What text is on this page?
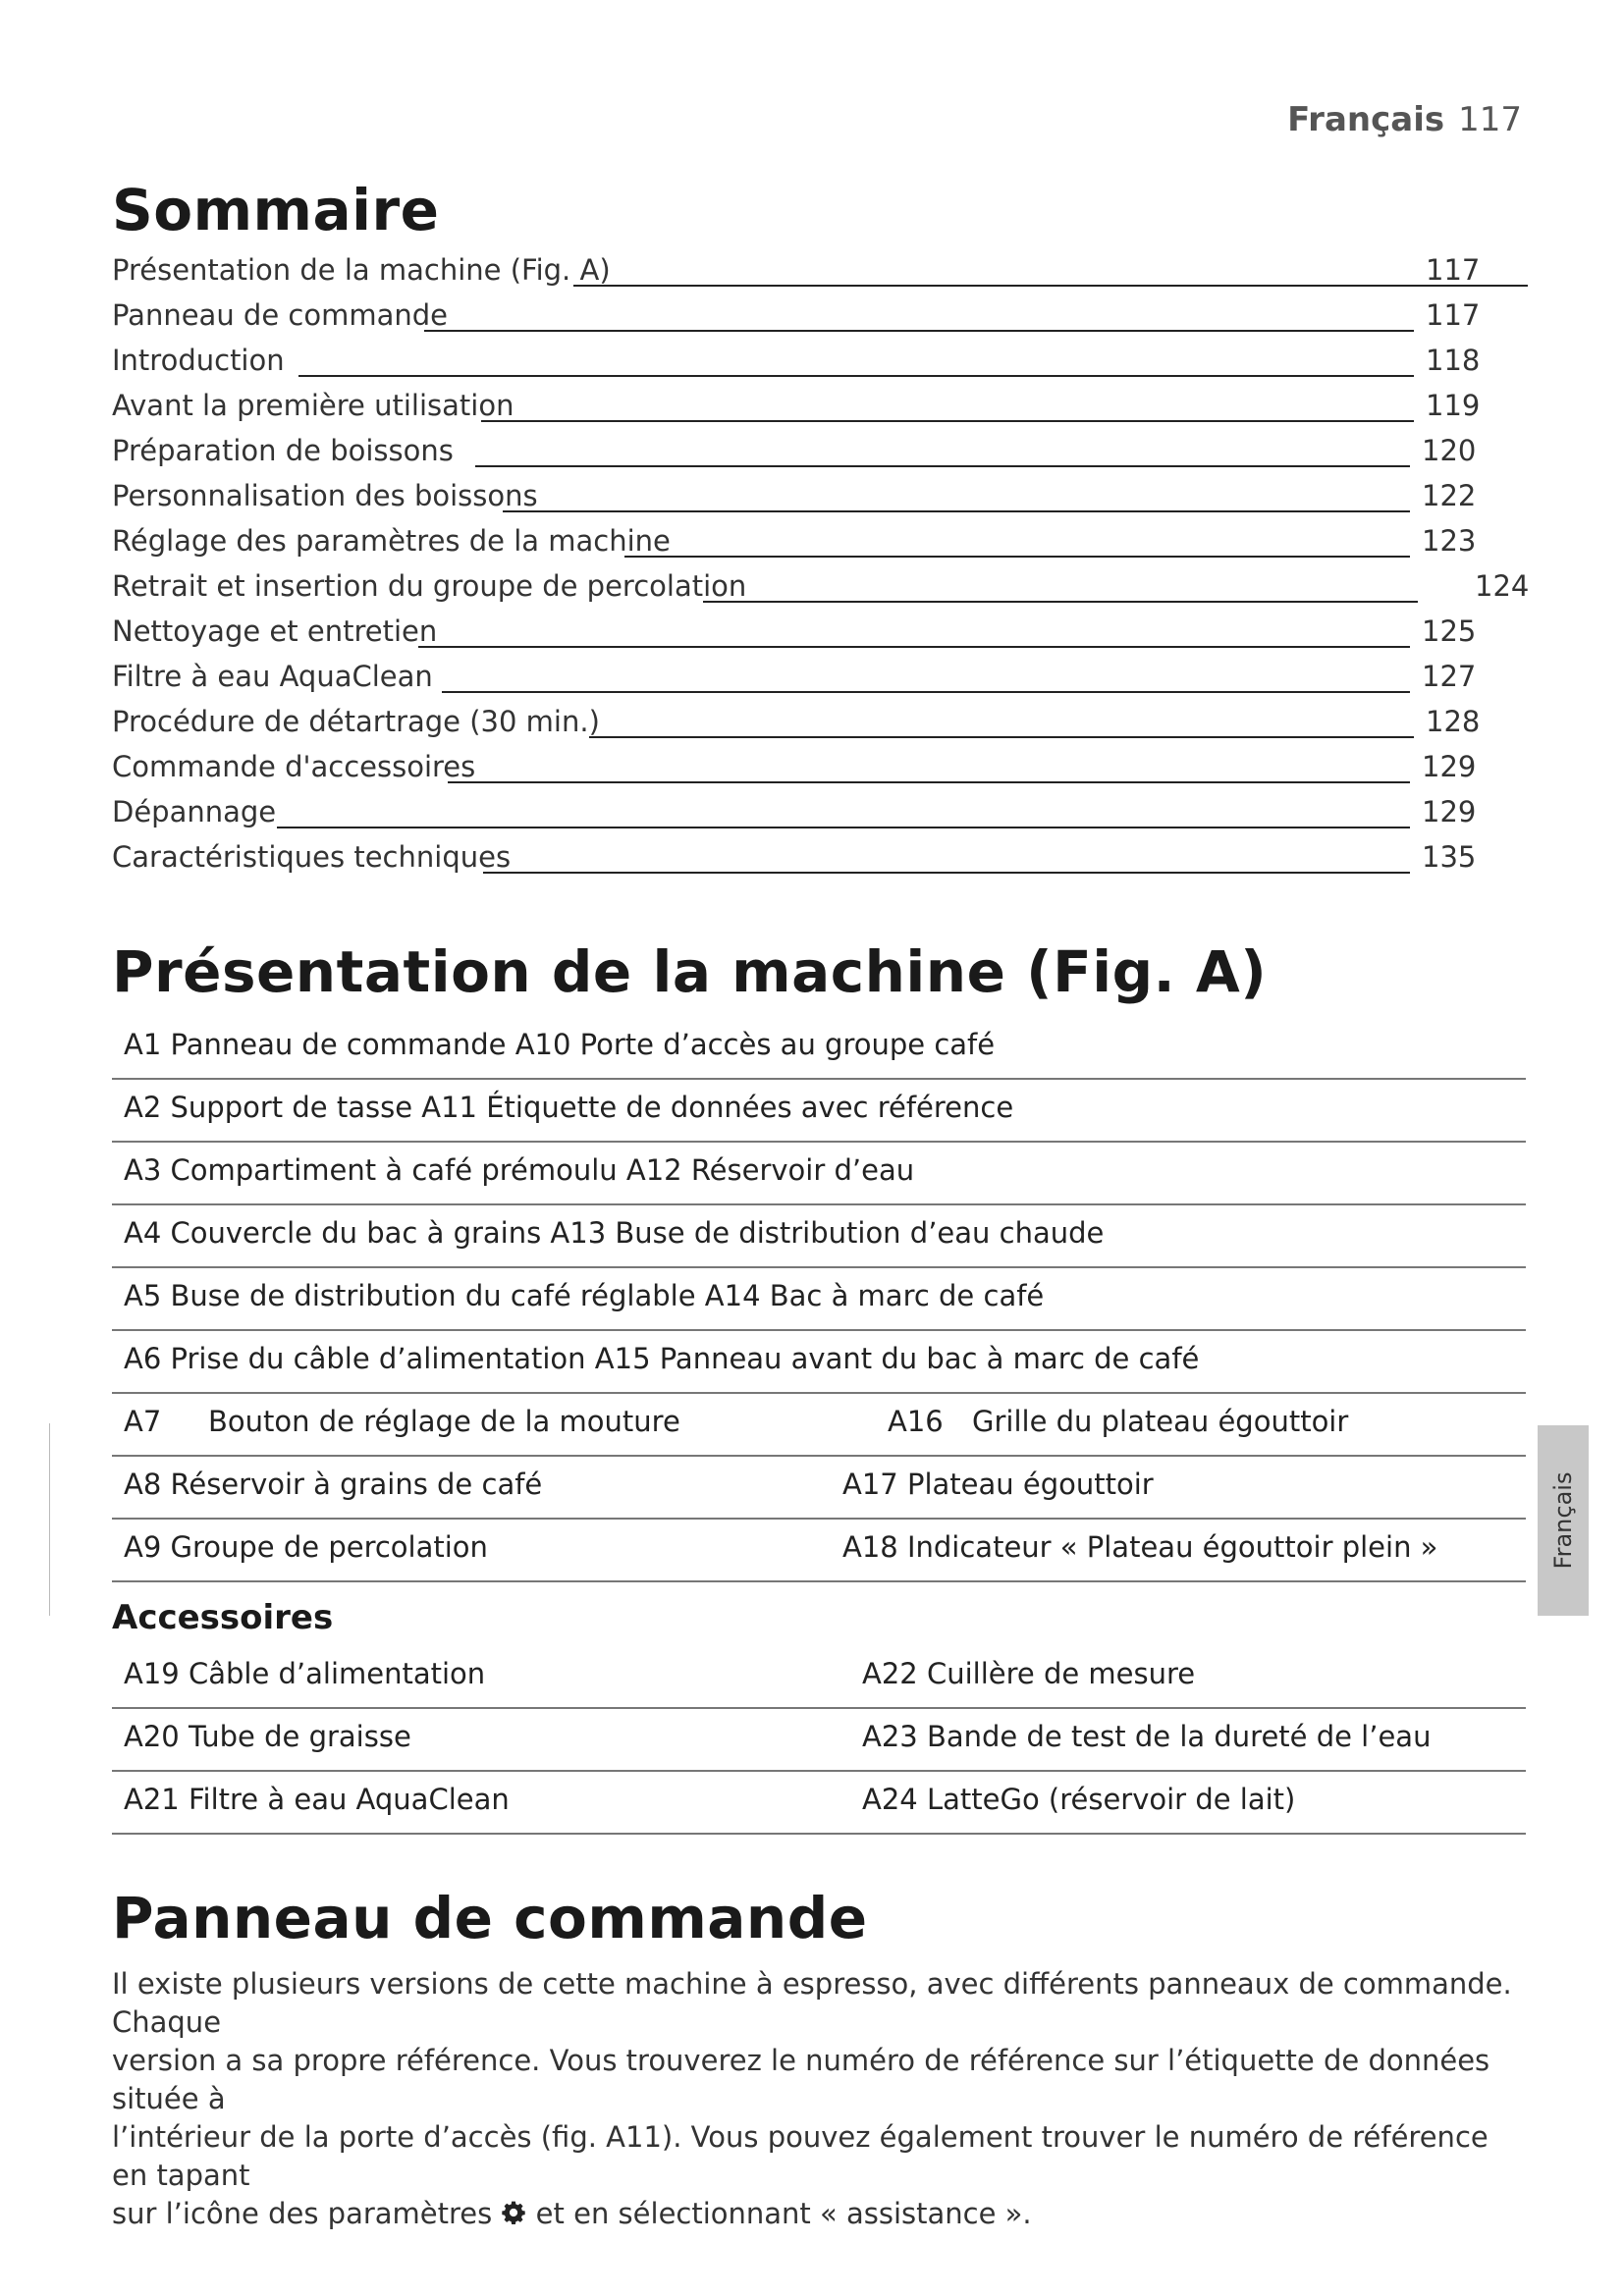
Français 117
Sommaire
Présentation de la machine (Fig. A)	117
Panneau de commande	117
Introduction	118
Avant la première utilisation	119
Préparation de boissons	120
Personnalisation des boissons	122
Réglage des paramètres de la machine	123
Retrait et insertion du groupe de percolation	124
Nettoyage et entretien	125
Filtre à eau AquaClean	127
Procédure de détartrage (30 min.)	128
Commande d'accessoires	129
Dépannage	129
Caractéristiques techniques	135
Présentation de la machine (Fig. A)
A1 Panneau de commande A10 Porte d’accès au groupe café
A2 Support de tasse A11 Étiquette de données avec référence
A3 Compartiment à café prémoulu A12 Réservoir d’eau
A4 Couvercle du bac à grains A13 Buse de distribution d’eau chaude
A5 Buse de distribution du café réglable A14 Bac à marc de café
A6 Prise du câble d’alimentation A15 Panneau avant du bac à marc de café
A7 Bouton de réglage de la mouture	A16 Grille du plateau égouttoir
A8 Réservoir à grains de café	A17 Plateau égouttoir
A9 Groupe de percolation	A18 Indicateur « Plateau égouttoir plein »
Accessoires
A19 Câble d’alimentation	A22 Cuillère de mesure
A20 Tube de graisse	A23 Bande de test de la dureté de l’eau
A21 Filtre à eau AquaClean	A24 LatteGo (réservoir de lait)
Panneau de commande
Il existe plusieurs versions de cette machine à espresso, avec différents panneaux de commande. Chaque
version a sa propre référence. Vous trouverez le numéro de référence sur l’étiquette de données située à
l’intérieur de la porte d’accès (fig. A11). Vous pouvez également trouver le numéro de référence en tapant
sur l’icône des paramètres  et en sélectionnant « assistance ».
Français
